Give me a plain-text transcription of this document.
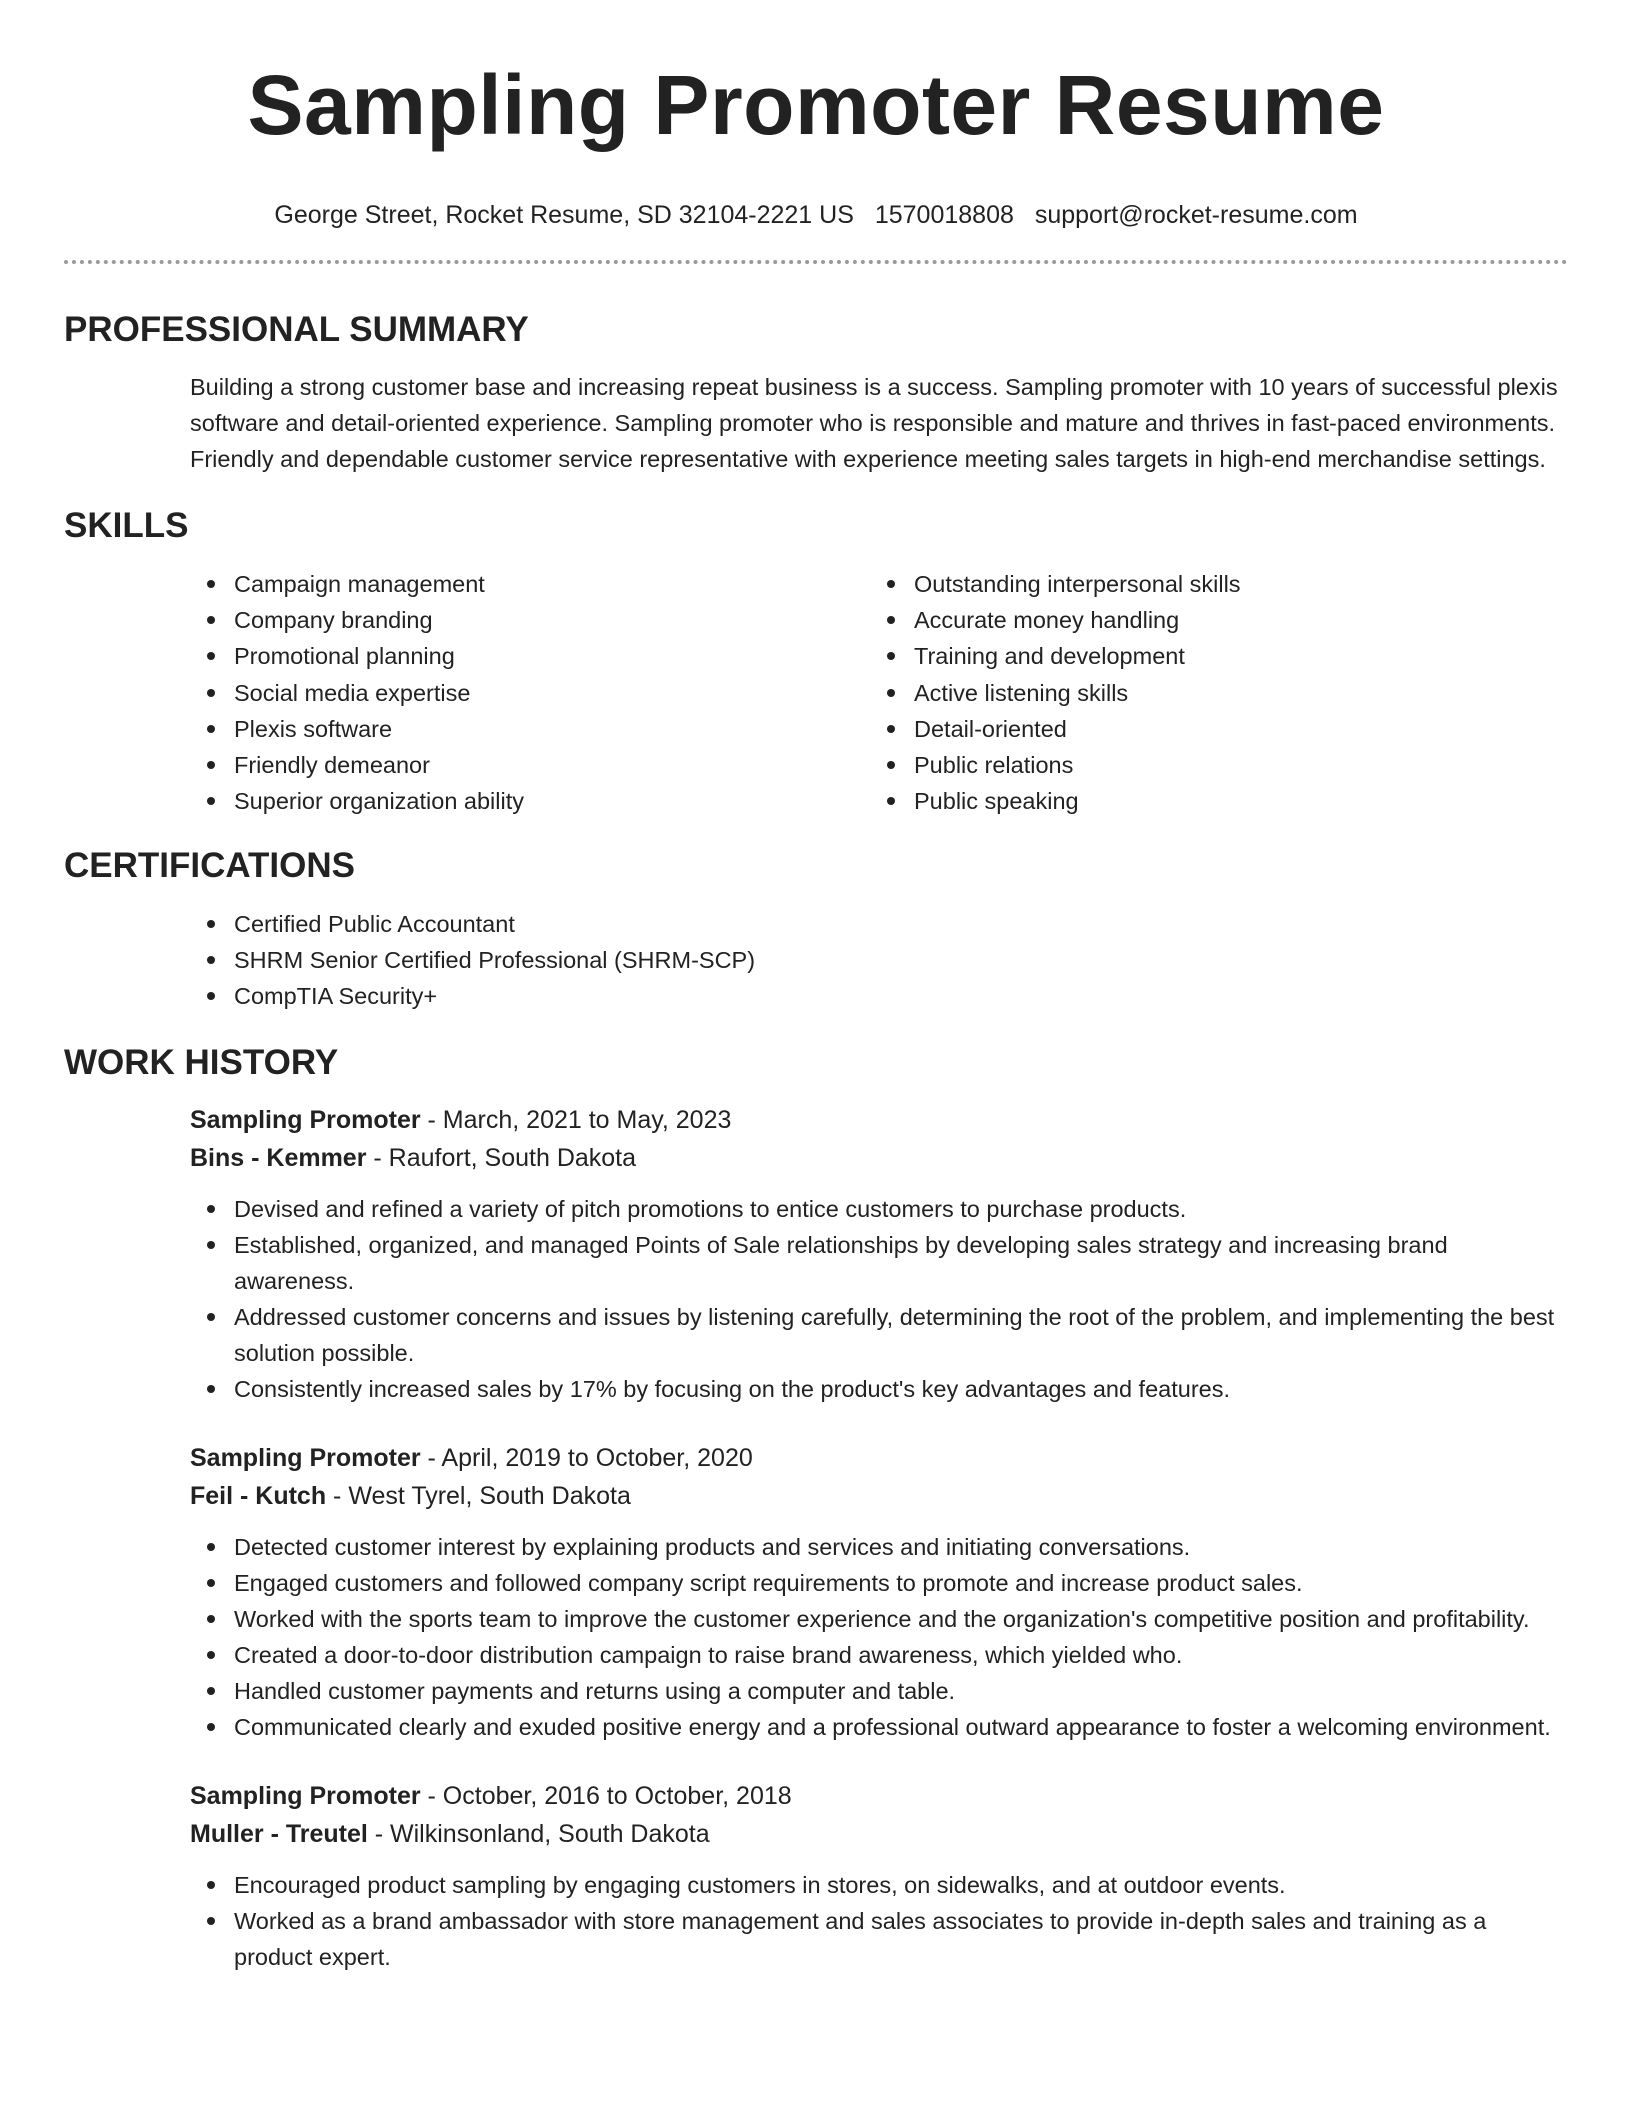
Sampling Promoter Resume
George Street, Rocket Resume, SD 32104-2221 US 1570018808 support@rocket-resume.com
PROFESSIONAL SUMMARY

Building a strong customer base and increasing repeat business is a success. Sampling promoter with 10 years of successful plexis software and detail-oriented experience. Sampling promoter who is responsible and mature and thrives in fast-paced environments. Friendly and dependable customer service representative with experience meeting sales targets in high-end merchandise settings.

SKILLS
Campaign management
Company branding
Promotional planning
Social media expertise
Plexis software
Friendly demeanor
Superior organization ability
Outstanding interpersonal skills
Accurate money handling
Training and development
Active listening skills
Detail-oriented
Public relations
Public speaking
CERTIFICATIONS
Certified Public Accountant
SHRM Senior Certified Professional (SHRM-SCP)
CompTIA Security+
WORK HISTORY
Sampling Promoter - March, 2021 to May, 2023
Bins - Kemmer - Raufort, South Dakota
Devised and refined a variety of pitch promotions to entice customers to purchase products.
Established, organized, and managed Points of Sale relationships by developing sales strategy and increasing brand awareness.
Addressed customer concerns and issues by listening carefully, determining the root of the problem, and implementing the best solution possible.
Consistently increased sales by 17% by focusing on the product's key advantages and features.
Sampling Promoter - April, 2019 to October, 2020
Feil - Kutch - West Tyrel, South Dakota
Detected customer interest by explaining products and services and initiating conversations.
Engaged customers and followed company script requirements to promote and increase product sales.
Worked with the sports team to improve the customer experience and the organization's competitive position and profitability.
Created a door-to-door distribution campaign to raise brand awareness, which yielded who.
Handled customer payments and returns using a computer and table.
Communicated clearly and exuded positive energy and a professional outward appearance to foster a welcoming environment.
Sampling Promoter - October, 2016 to October, 2018
Muller - Treutel - Wilkinsonland, South Dakota
Encouraged product sampling by engaging customers in stores, on sidewalks, and at outdoor events.
Worked as a brand ambassador with store management and sales associates to provide in-depth sales and training as a product expert.
